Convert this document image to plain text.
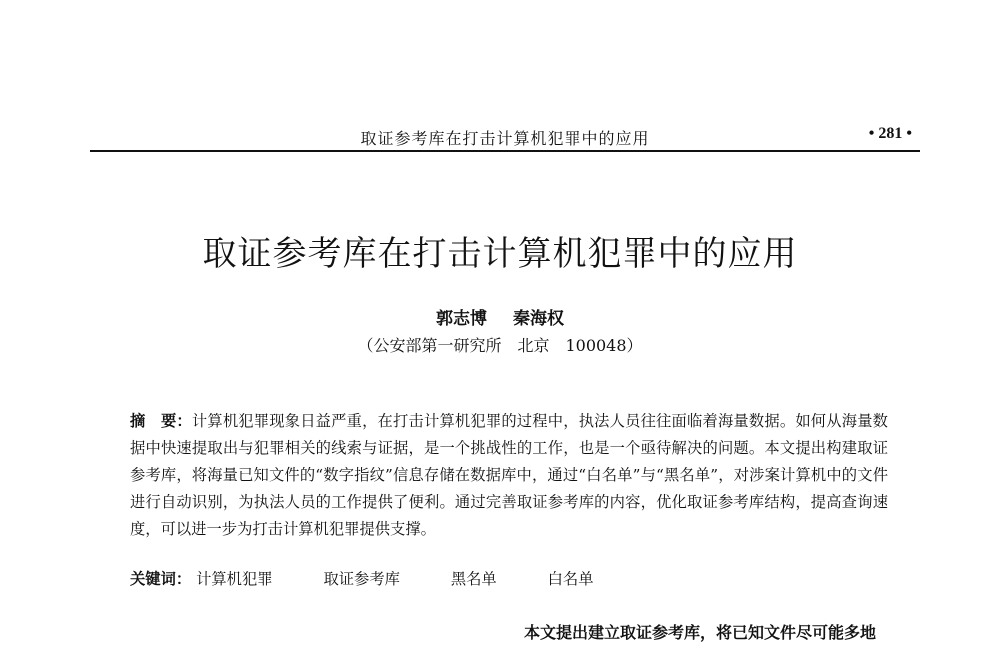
取证参考库在打击计算机犯罪中的应用	• 281 •
取证参考库在打击计算机犯罪中的应用
郭志博 秦海权
（公安部第一研究所　北京　100048）
摘　要：计算机犯罪现象日益严重，在打击计算机犯罪的过程中，执法人员往往面临着海量数据。如何从海量数据中快速提取出与犯罪相关的线索与证据，是一个挑战性的工作，也是一个亟待解决的问题。本文提出构建取证参考库，将海量已知文件的“数字指纹”信息存储在数据库中，通过“白名单”与“黑名单”，对涉案计算机中的文件进行自动识别，为执法人员的工作提供了便利。通过完善取证参考库的内容，优化取证参考库结构，提高查询速度，可以进一步为打击计算机犯罪提供支撑。
关键词： 计算机犯罪	取证参考库	黑名单	白名单
本文提出建立取证参考库，将已知文件尽可能多地
